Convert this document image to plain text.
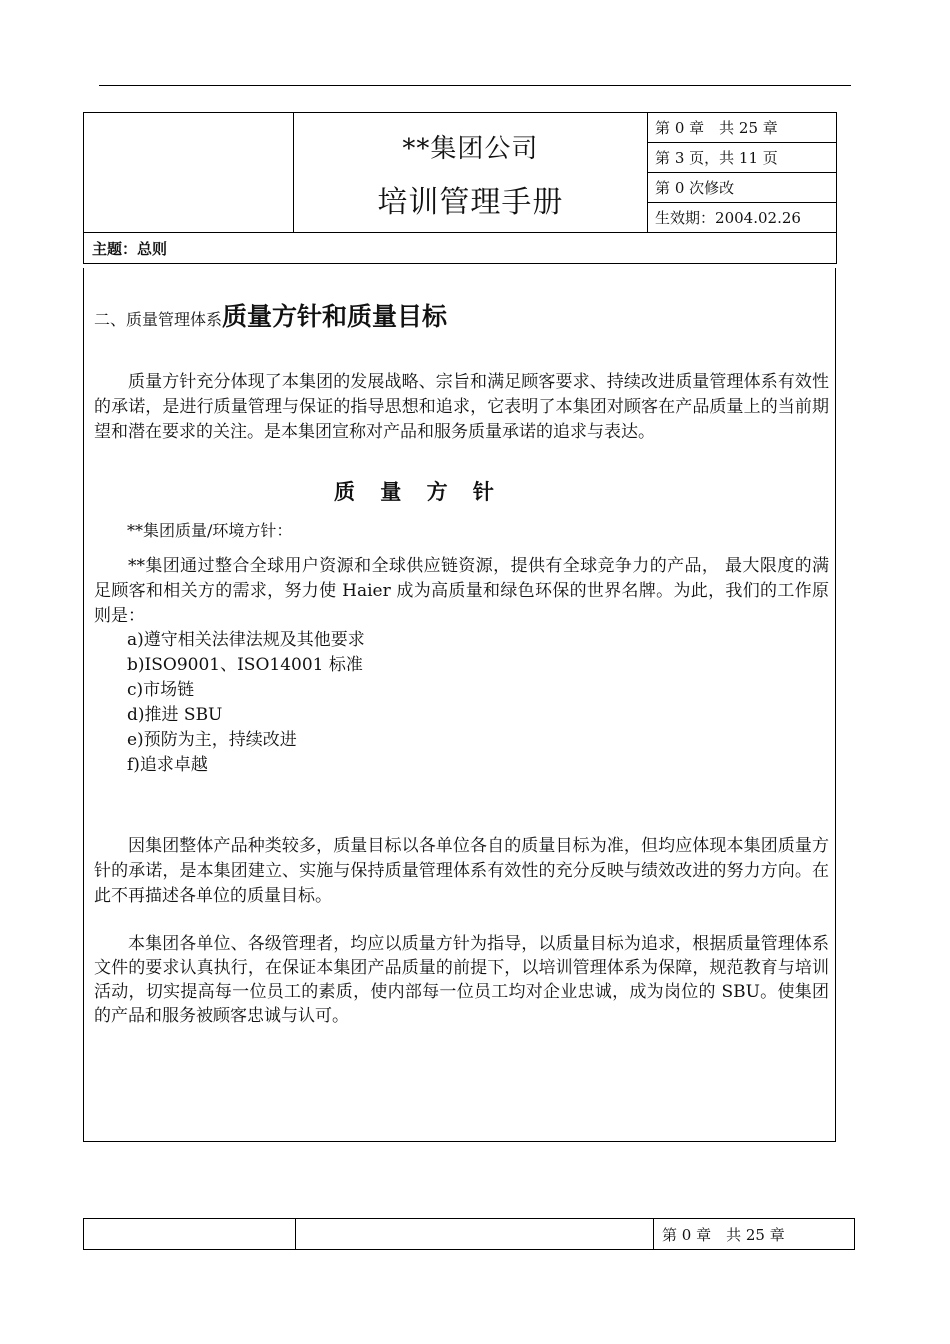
**集团公司
培训管理手册
	第 0 章　共 25 章
第 3 页，共 11 页
第 0 次修改
生效期：2004.02.26
主题：总则
二、质量管理体系质量方针和质量目标
质量方针充分体现了本集团的发展战略、宗旨和满足顾客要求、持续改进质量管理体系有效性的承诺，是进行质量管理与保证的指导思想和追求，它表明了本集团对顾客在产品质量上的当前期望和潜在要求的关注。是本集团宣称对产品和服务质量承诺的追求与表达。
质 量 方 针
**集团质量/环境方针：
**集团通过整合全球用户资源和全球供应链资源，提供有全球竞争力的产品， 最大限度的满足顾客和相关方的需求，努力使 Haier 成为高质量和绿色环保的世界名牌。为此，我们的工作原则是：
a)遵守相关法律法规及其他要求
b)ISO9001、ISO14001 标准
c)市场链
d)推进 SBU
e)预防为主，持续改进
f)追求卓越
因集团整体产品种类较多，质量目标以各单位各自的质量目标为准，但均应体现本集团质量方针的承诺，是本集团建立、实施与保持质量管理体系有效性的充分反映与绩效改进的努力方向。在此不再描述各单位的质量目标。
本集团各单位、各级管理者，均应以质量方针为指导，以质量目标为追求，根据质量管理体系文件的要求认真执行，在保证本集团产品质量的前提下，以培训管理体系为保障，规范教育与培训活动，切实提高每一位员工的素质，使内部每一位员工均对企业忠诚，成为岗位的 SBU。使集团的产品和服务被顾客忠诚与认可。
		第 0 章　共 25 章
